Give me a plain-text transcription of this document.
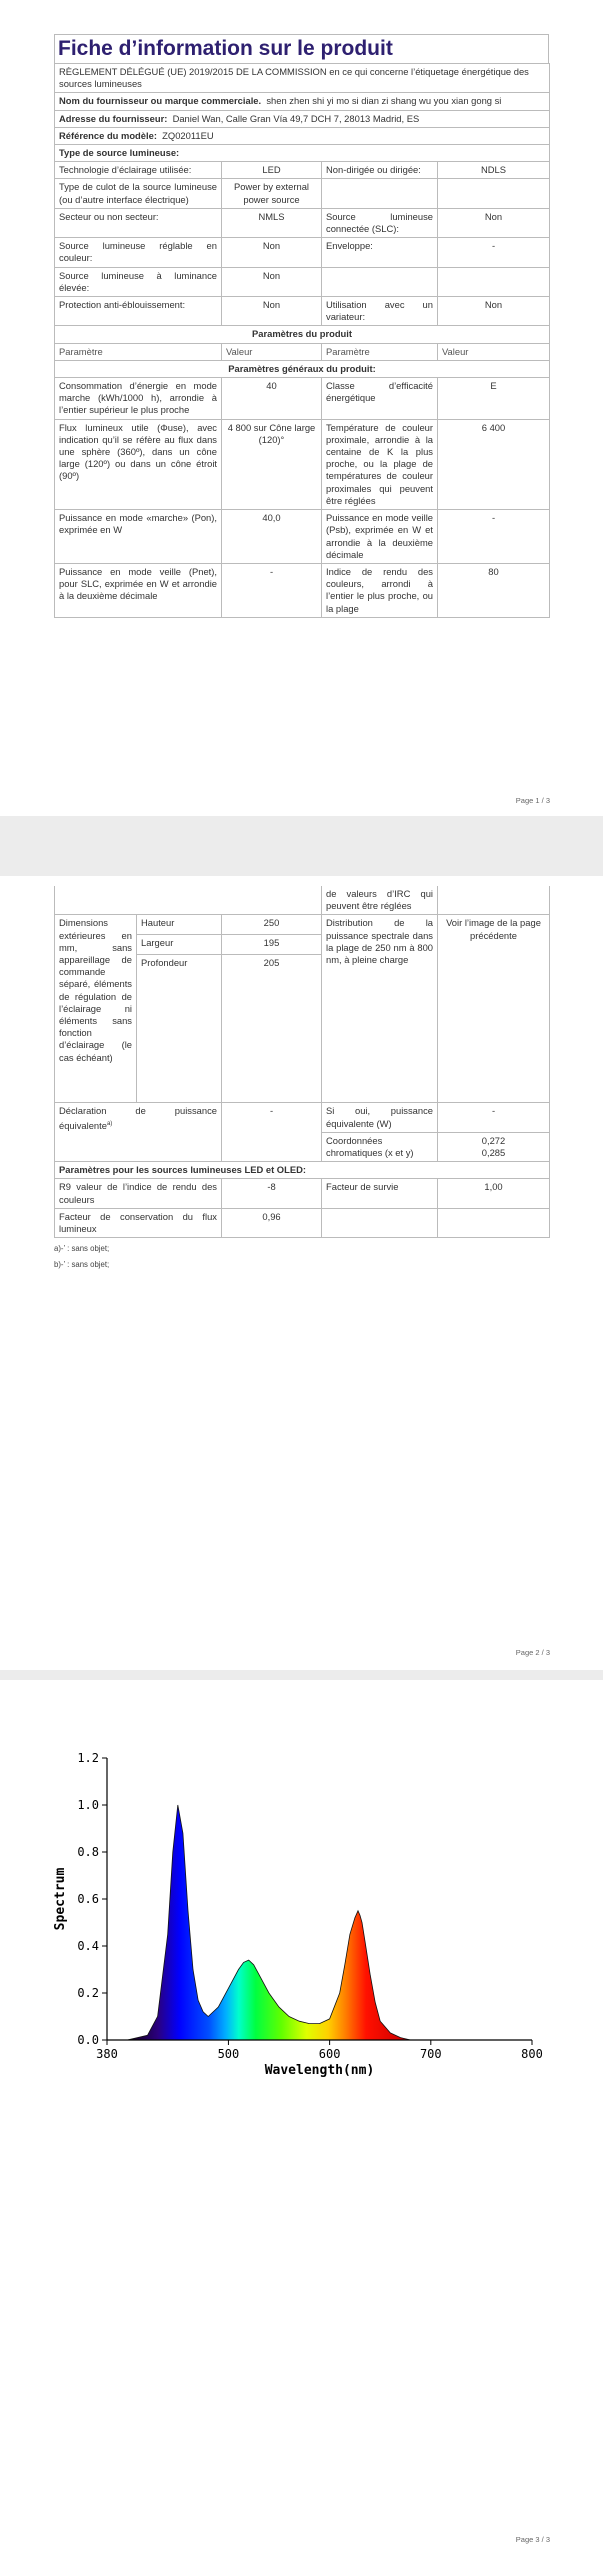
Fiche d’information sur le produit
RÈGLEMENT DÉLÉGUÉ (UE) 2019/2015 DE LA COMMISSION en ce qui concerne l’étiquetage énergétique des sources lumineuses			
Nom du fournisseur ou marque commerciale. shen zhen shi yi mo si dian zi shang wu you xian gong si			
Adresse du fournisseur: Daniel Wan, Calle Gran Vía 49,7 DCH 7, 28013 Madrid, ES			
Référence du modèle: ZQ02011EU			
Type de source lumineuse:			
Technologie d’éclairage utilisée:	LED	Non-dirigée ou dirigée:	NDLS
Type de culot de la source lumineuse (ou d’autre interface électrique)	Power by external power source		
Secteur ou non secteur:	NMLS	Source lumineuse connectée (SLC):	Non
Source lumineuse réglable en couleur:	Non	Enveloppe:	-
Source lumineuse à luminance élevée:	Non		
Protection anti-éblouissement:	Non	Utilisation avec un variateur:	Non
Paramètres du produit			
Paramètre	Valeur	Paramètre	Valeur
Paramètres généraux du produit:			
Consommation d’énergie en mode marche (kWh/1000 h), arrondie à l’entier supérieur le plus proche	40	Classe d’efficacité énergétique	E
Flux lumineux utile (Φuse), avec indication qu’il se réfère au flux dans une sphère (360º), dans un cône large (120º) ou dans un cône étroit (90º)	4 800 sur Cône large (120)°	Température de couleur proximale, arrondie à la centaine de K la plus proche, ou la plage de températures de couleur proximales qui peuvent être réglées	6 400
Puissance en mode «marche» (Pon), exprimée en W	40,0	Puissance en mode veille (Psb), exprimée en W et arrondie à la deuxième décimale	-
Puissance en mode veille (Pnet), pour SLC, exprimée en W et arrondie à la deuxième décimale	-	Indice de rendu des couleurs, arrondi à l’entier le plus proche, ou la plage	80
Page 1 / 3
			de valeurs d’IRC qui peuvent être réglées	
Dimensions extérieures en mm, sans appareillage de commande séparé, éléments de régulation de l’éclairage ni éléments sans fonction d’éclairage (le cas échéant)	Hauteur	250	Distribution de la puissance spectrale dans la plage de 250 nm à 800 nm, à pleine charge	Voir l’image de la page précédente
	Largeur	195		
	Profondeur	205		
Déclaration de puissance équivalente$^{a)}$		-	Si oui, puissance équivalente (W)	-
			Coordonnées chromatiques (x et y)	0,272
0,285

Paramètres pour les sources lumineuses LED et OLED:				
R9 valeur de l’indice de rendu des couleurs		-8	Facteur de survie	1,00
Facteur de conservation du flux lumineux		0,96		
a)-’ : sans objet;
b)-’ : sans objet;
Page 2 / 3
0.0
0.2
0.4
0.6
0.8
1.0
1.2
380	500	600	700	800
Wavelength(nm)
Spectrum
Page 3 / 3
